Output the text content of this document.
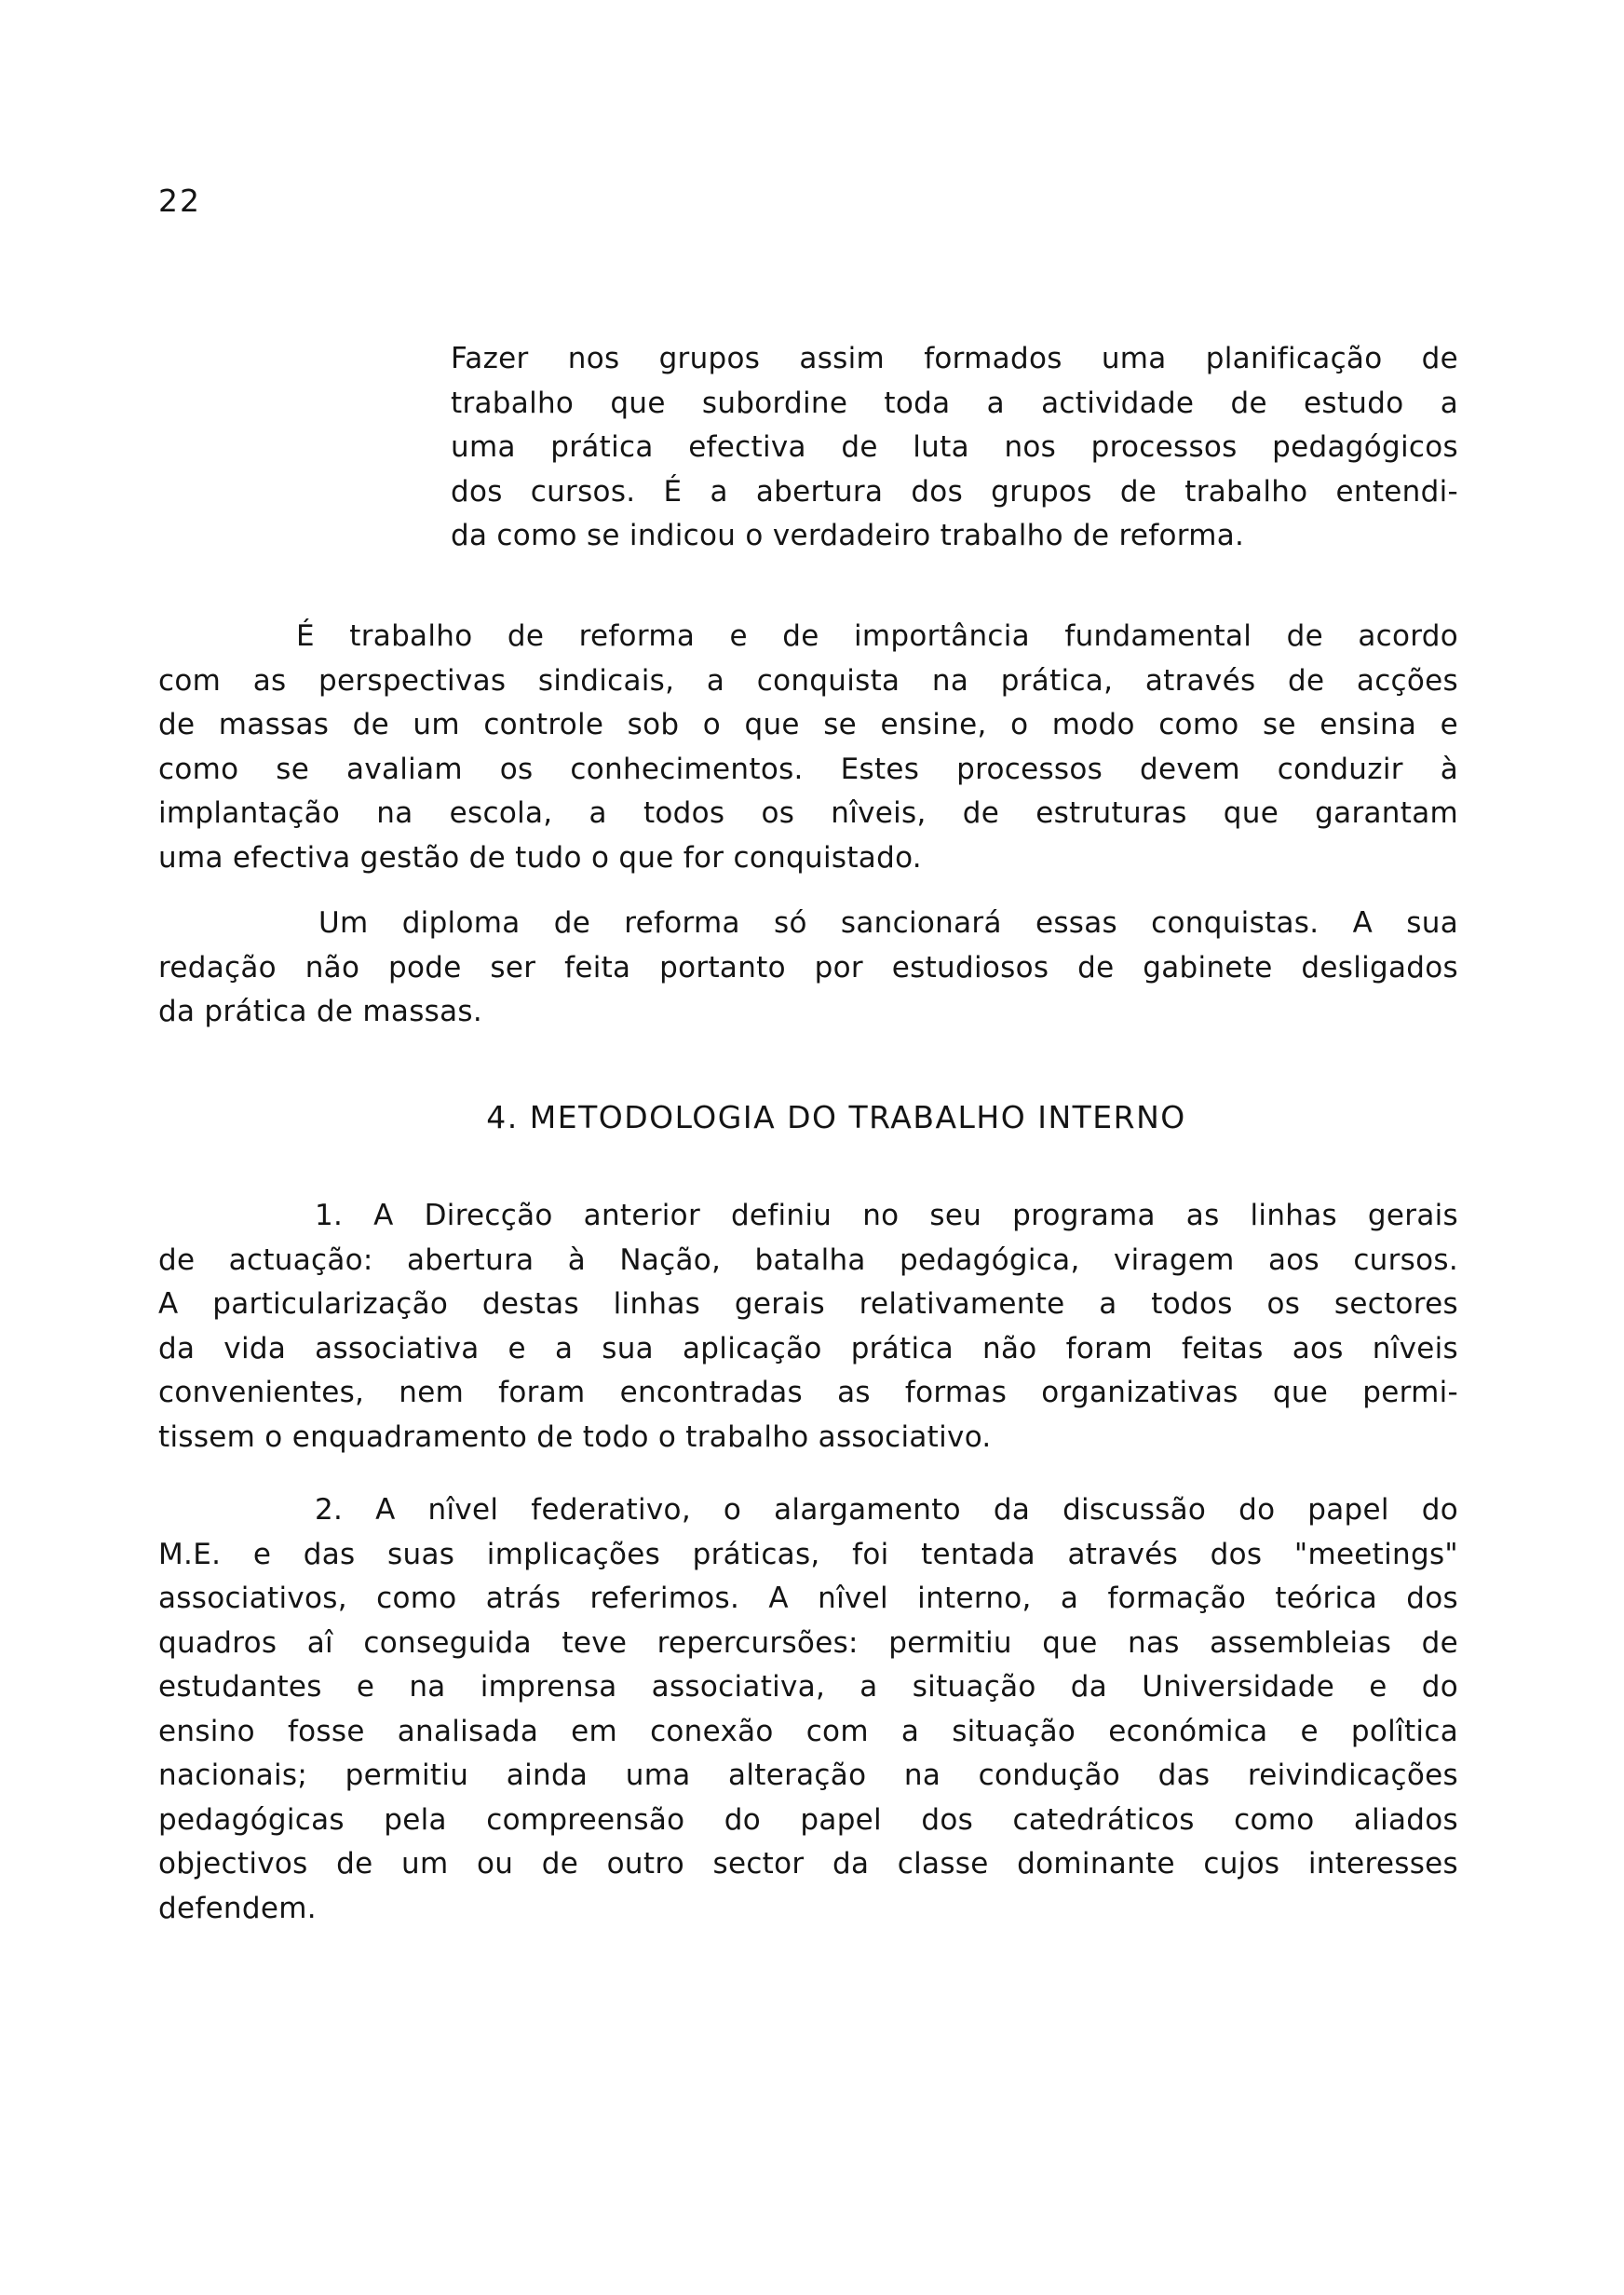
22
Fazer nos grupos assim formados uma planificação de
trabalho que subordine toda a actividade de estudo a
uma prática efectiva de luta nos processos pedagógicos
dos cursos. É a abertura dos grupos de trabalho entendi-
da como se indicou o verdadeiro trabalho de reforma.
É trabalho de reforma e de importância fundamental de acordo
com as perspectivas sindicais, a conquista na prática, através de acções
de massas de um controle sob o que se ensine, o modo como se ensina e
como se avaliam os conhecimentos. Estes processos devem conduzir à
implantação na escola, a todos os nîveis, de estruturas que garantam
uma efectiva gestão de tudo o que for conquistado.
Um diploma de reforma só sancionará essas conquistas. A sua
redação não pode ser feita portanto por estudiosos de gabinete desligados
da prática de massas.
4. METODOLOGIA DO TRABALHO INTERNO
1. A Direcção anterior definiu no seu programa as linhas gerais
de actuação: abertura à Nação, batalha pedagógica, viragem aos cursos.
A particularização destas linhas gerais relativamente a todos os sectores
da vida associativa e a sua aplicação prática não foram feitas aos nîveis
convenientes, nem foram encontradas as formas organizativas que permi-
tissem o enquadramento de todo o trabalho associativo.
2. A nîvel federativo, o alargamento da discussão do papel do
M.E. e das suas implicações práticas, foi tentada através dos "meetings"
associativos, como atrás referimos. A nîvel interno, a formação teórica dos
quadros aî conseguida teve repercursões: permitiu que nas assembleias de
estudantes e na imprensa associativa, a situação da Universidade e do
ensino fosse analisada em conexão com a situação económica e polîtica
nacionais; permitiu ainda uma alteração na condução das reivindicações
pedagógicas pela compreensão do papel dos catedráticos como aliados
objectivos de um ou de outro sector da classe dominante cujos interesses
defendem.
